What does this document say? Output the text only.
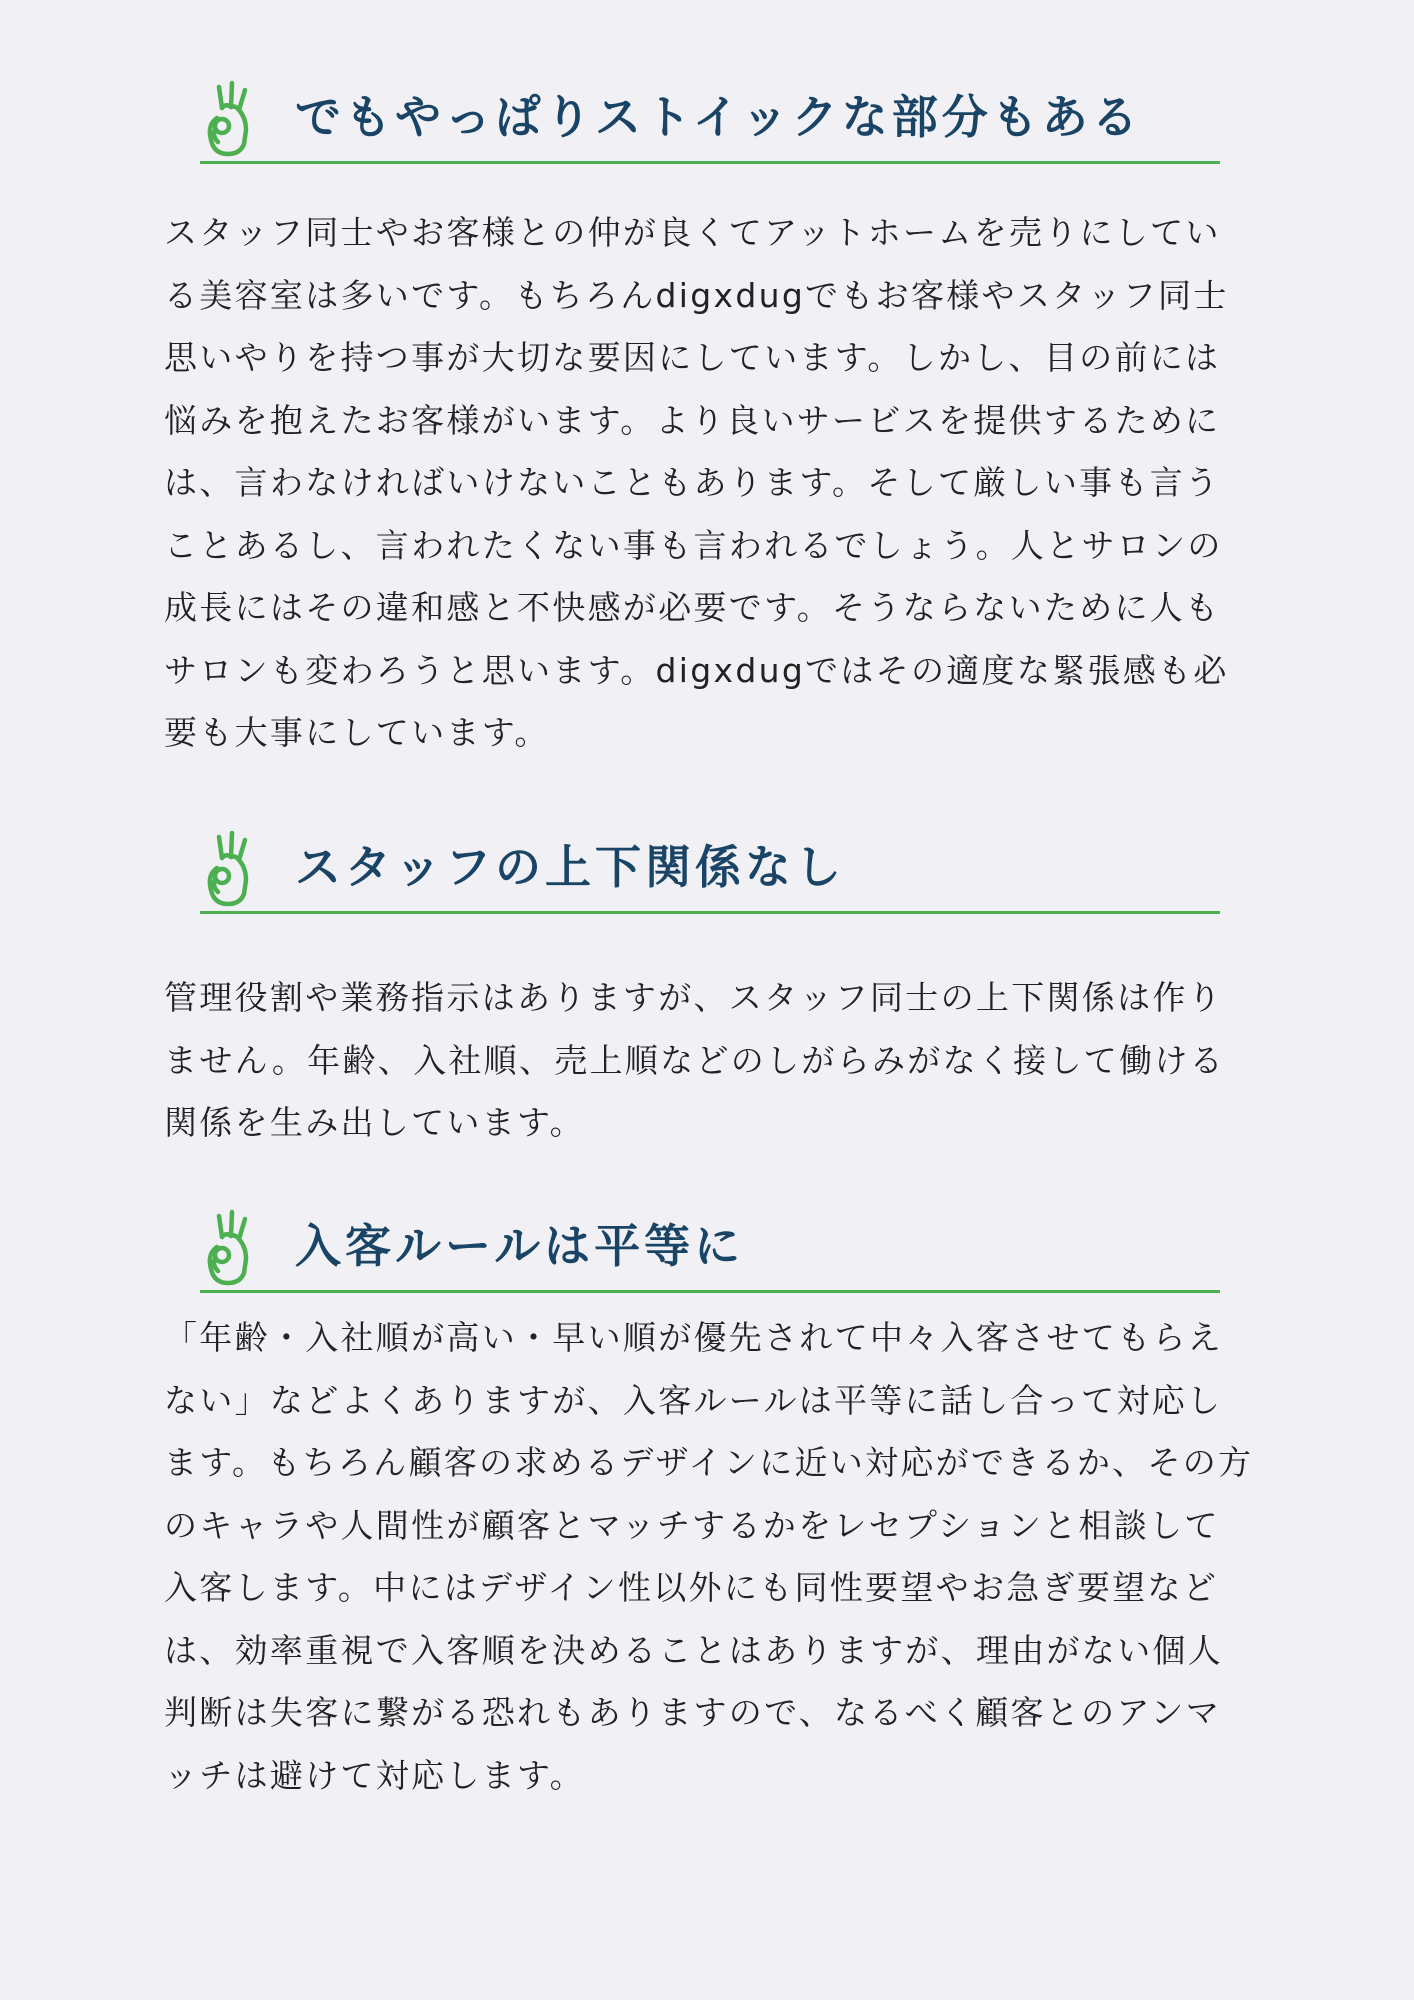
でもやっぱりストイックな部分もある

スタッフ同士やお客様との仲が良くてアットホームを売りにしている美容室は多いです。もちろんdigxdugでもお客様やスタッフ同士思いやりを持つ事が大切な要因にしています。しかし、目の前には悩みを抱えたお客様がいます。より良いサービスを提供するためには、言わなければいけないこともあります。そして厳しい事も言うことあるし、言われたくない事も言われるでしょう。人とサロンの成長にはその違和感と不快感が必要です。そうならないために人もサロンも変わろうと思います。digxdugではその適度な緊張感も必要も大事にしています。

スタッフの上下関係なし

管理役割や業務指示はありますが、スタッフ同士の上下関係は作りません。年齢、入社順、売上順などのしがらみがなく接して働ける関係を生み出しています。

入客ルールは平等に

「年齢・入社順が高い・早い順が優先されて中々入客させてもらえない」などよくありますが、入客ルールは平等に話し合って対応します。もちろん顧客の求めるデザインに近い対応ができるか、その方のキャラや人間性が顧客とマッチするかをレセプションと相談して入客します。中にはデザイン性以外にも同性要望やお急ぎ要望などは、効率重視で入客順を決めることはありますが、理由がない個人判断は失客に繋がる恐れもありますので、なるべく顧客とのアンマッチは避けて対応します。
